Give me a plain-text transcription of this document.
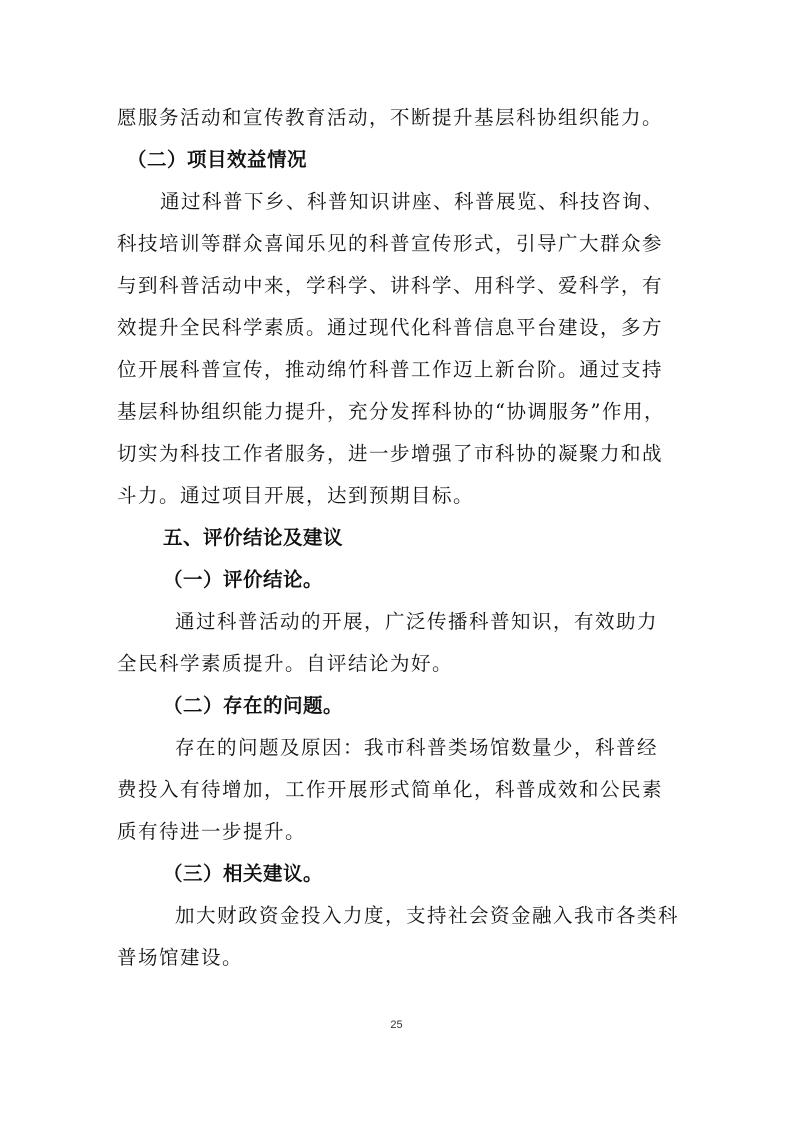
愿服务活动和宣传教育活动，不断提升基层科协组织能力。
（二）项目效益情况
通过科普下乡、科普知识讲座、科普展览、科技咨询、
科技培训等群众喜闻乐见的科普宣传形式，引导广大群众参
与到科普活动中来，学科学、讲科学、用科学、爱科学，有
效提升全民科学素质。通过现代化科普信息平台建设，多方
位开展科普宣传，推动绵竹科普工作迈上新台阶。通过支持
基层科协组织能力提升，充分发挥科协的“协调服务”作用，
切实为科技工作者服务，进一步增强了市科协的凝聚力和战
斗力。通过项目开展，达到预期目标。
五、评价结论及建议
（一）评价结论。
通过科普活动的开展，广泛传播科普知识，有效助力
全民科学素质提升。自评结论为好。
（二）存在的问题。
存在的问题及原因：我市科普类场馆数量少，科普经
费投入有待增加，工作开展形式简单化，科普成效和公民素
质有待进一步提升。
（三）相关建议。
加大财政资金投入力度，支持社会资金融入我市各类科
普场馆建设。
25
